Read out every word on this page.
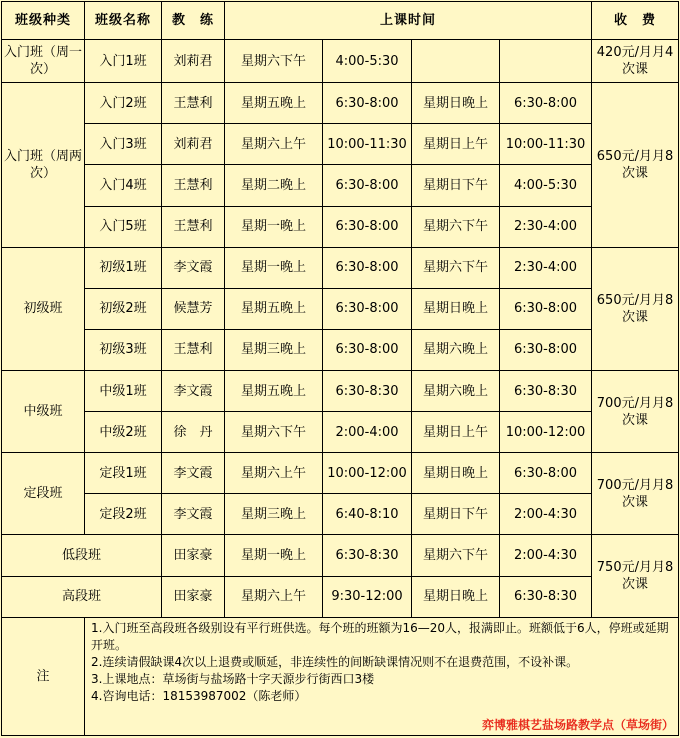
班级种类	班级名称	教　练	上课时间				收　费
入门班（周一次）	入门1班	刘莉君	星期六下午	4:00-5:30			420元/月月4次课
入门班（周两次）	入门2班	王慧利	星期五晚上	6:30-8:00	星期日晚上	6:30-8:00	650元/月月8次课
	入门3班	刘莉君	星期六上午	10:00-11:30	星期日上午	10:00-11:30	
	入门4班	王慧利	星期二晚上	6:30-8:00	星期日下午	4:00-5:30	
	入门5班	王慧利	星期一晚上	6:30-8:00	星期六下午	2:30-4:00	
初级班	初级1班	李文霞	星期一晚上	6:30-8:00	星期六下午	2:30-4:00	650元/月月8次课
	初级2班	候慧芳	星期五晚上	6:30-8:00	星期日晚上	6:30-8:00	
	初级3班	王慧利	星期三晚上	6:30-8:00	星期六晚上	6:30-8:00	
中级班	中级1班	李文霞	星期五晚上	6:30-8:30	星期六晚上	6:30-8:30	700元/月月8次课
	中级2班	徐　丹	星期六下午	2:00-4:00	星期日上午	10:00-12:00	
定段班	定段1班	李文霞	星期六上午	10:00-12:00	星期日晚上	6:30-8:00	700元/月月8次课
	定段2班	李文霞	星期三晚上	6:40-8:10	星期日下午	2:00-4:30	
低段班		田家豪	星期一晚上	6:30-8:30	星期六下午	2:00-4:30	750元/月月8次课
高段班		田家豪	星期六上午	9:30-12:00	星期日晚上	6:30-8:30	
注	1.入门班至高段班各级别设有平行班供选。每个班的班额为16—20人，报满即止。班额低于6人，停班或延期开班。
2.连续请假缺课4次以上退费或顺延，非连续性的间断缺课情况则不在退费范围，不设补课。
3.上课地点：草场街与盐场路十字天源步行街西口3楼
4.咨询电话：18153987002（陈老师）
弈博雅棋艺盐场路教学点（草场街）						
